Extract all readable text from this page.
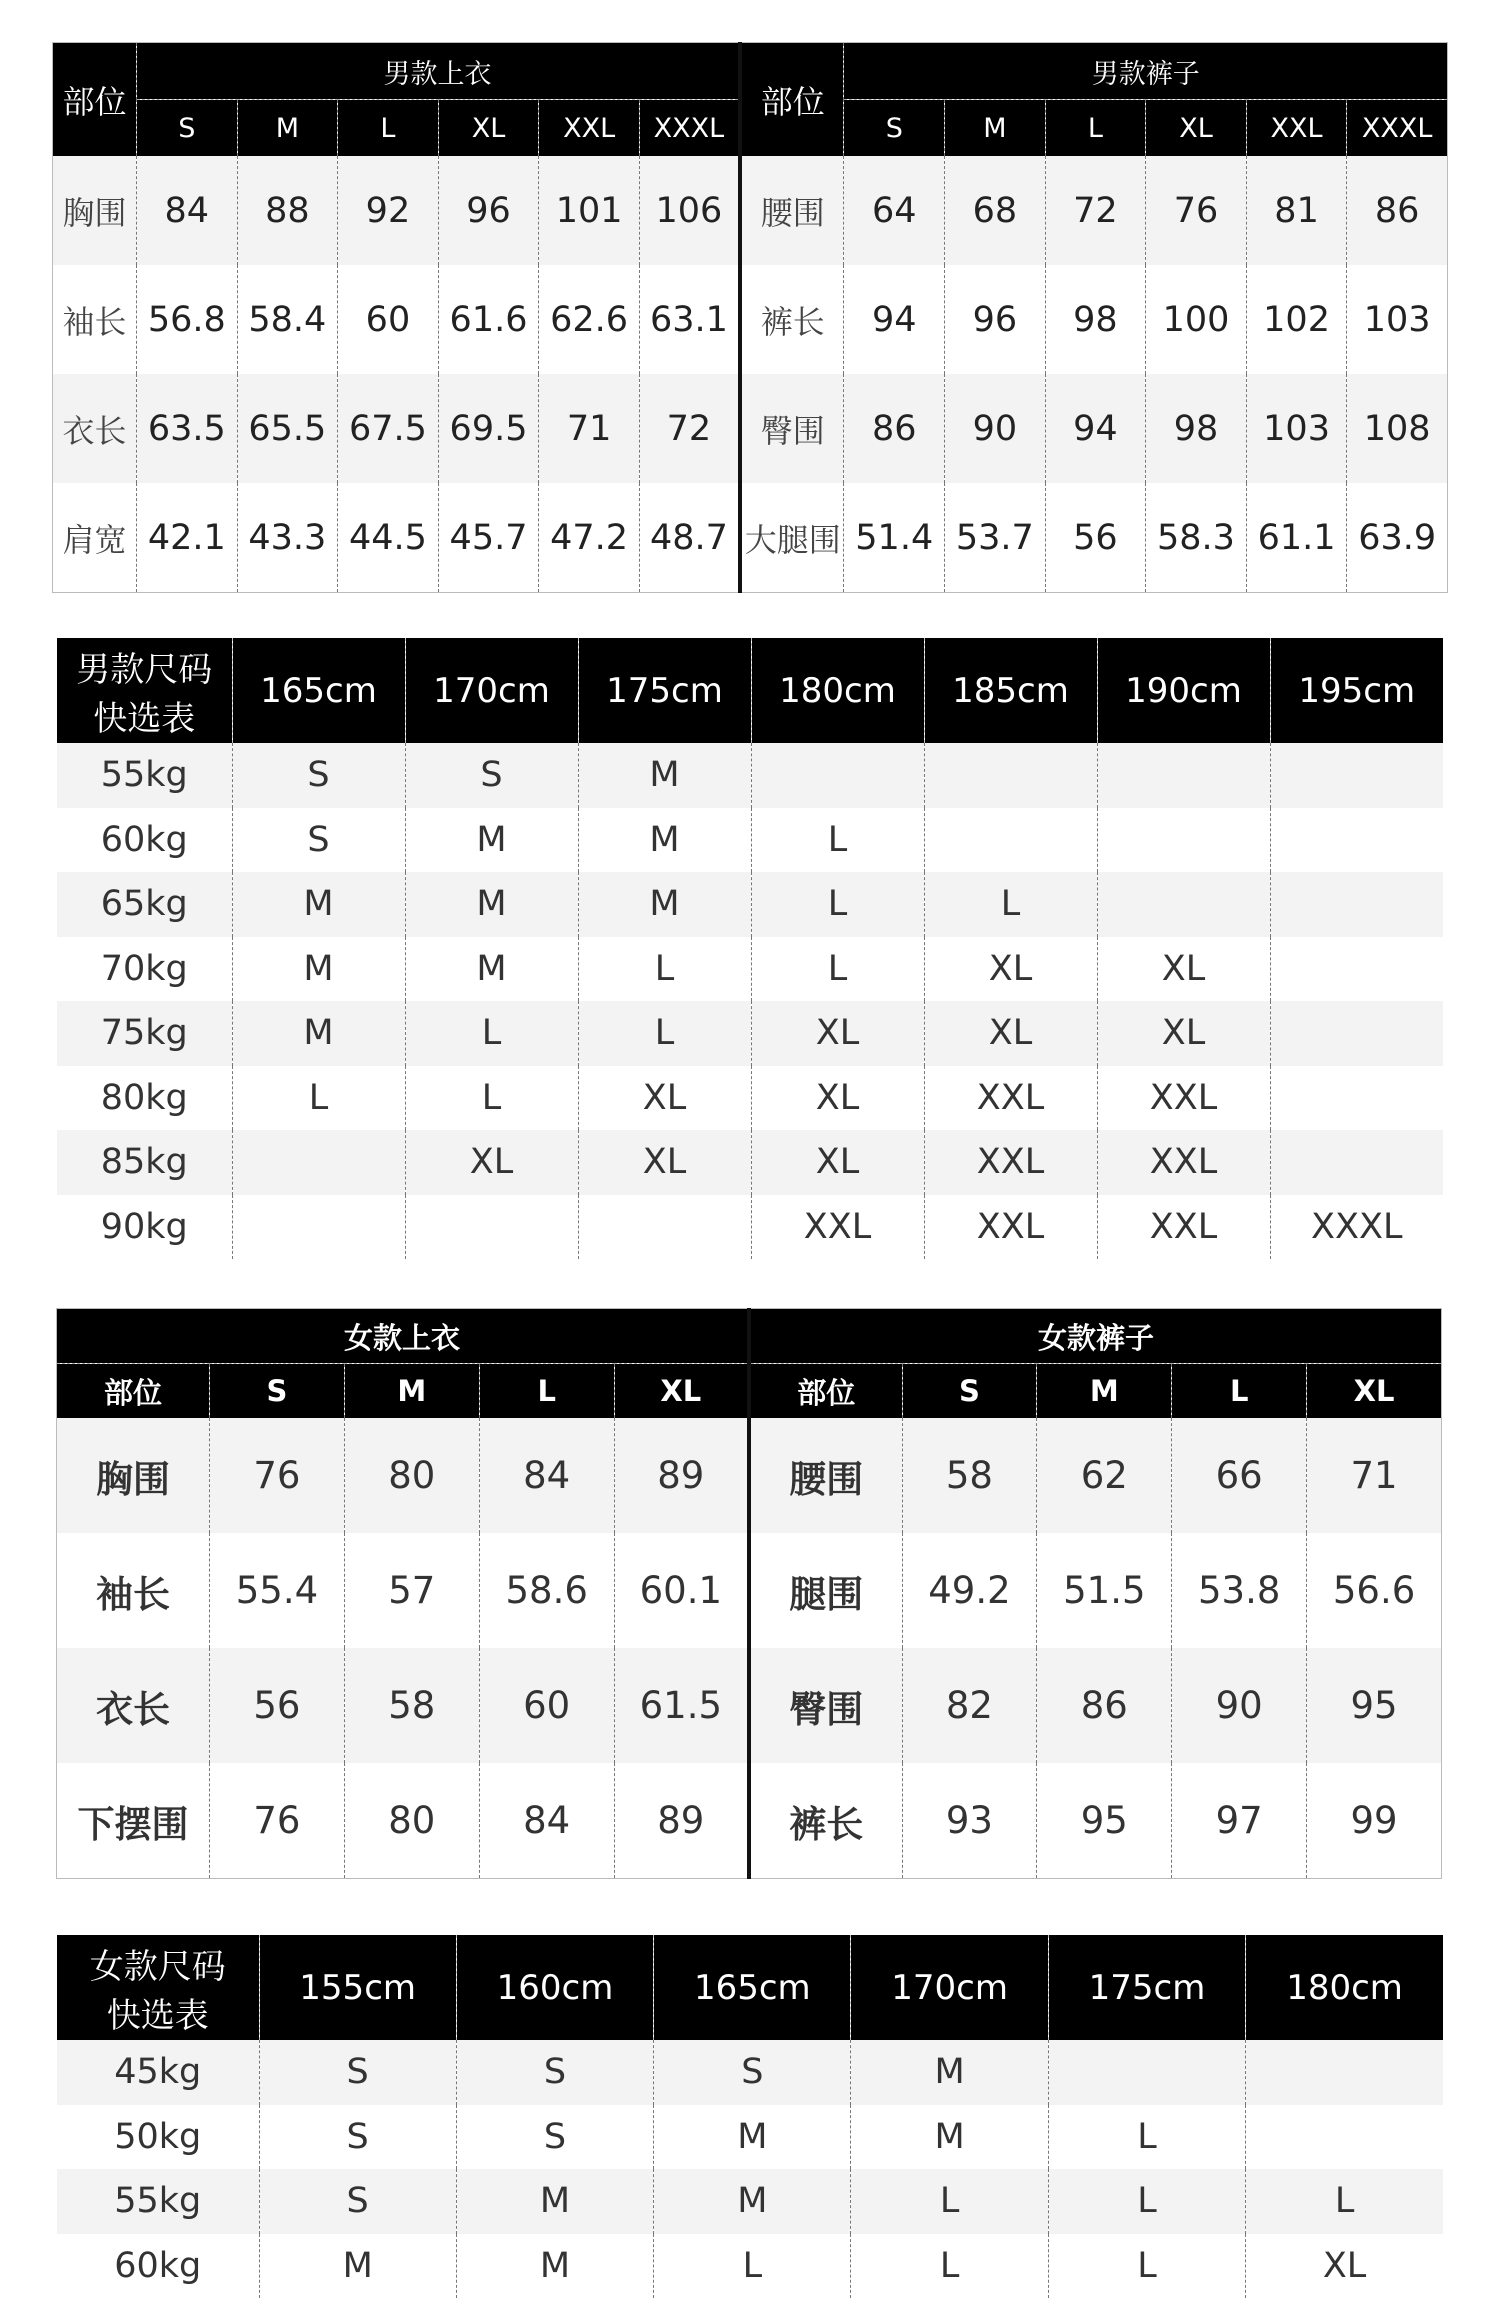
部位	男款上衣						部位	男款裤子					
	S	M	L	XL	XXL	XXXL		S	M	L	XL	XXL	XXXL
胸围	84	88	92	96	101	106	腰围	64	68	72	76	81	86
袖长	56.8	58.4	60	61.6	62.6	63.1	裤长	94	96	98	100	102	103
衣长	63.5	65.5	67.5	69.5	71	72	臀围	86	90	94	98	103	108
肩宽	42.1	43.3	44.5	45.7	47.2	48.7	大腿围	51.4	53.7	56	58.3	61.1	63.9
男款尺码
快选表	165cm	170cm	175cm	180cm	185cm	190cm	195cm
55kg	S	S	M				
60kg	S	M	M	L			
65kg	M	M	M	L	L		
70kg	M	M	L	L	XL	XL	
75kg	M	L	L	XL	XL	XL	
80kg	L	L	XL	XL	XXL	XXL	
85kg		XL	XL	XL	XXL	XXL	
90kg				XXL	XXL	XXL	XXXL
女款上衣					女款裤子				
部位	S	M	L	XL	部位	S	M	L	XL
胸围	76	80	84	89	腰围	58	62	66	71
袖长	55.4	57	58.6	60.1	腿围	49.2	51.5	53.8	56.6
衣长	56	58	60	61.5	臀围	82	86	90	95
下摆围	76	80	84	89	裤长	93	95	97	99
女款尺码
快选表	155cm	160cm	165cm	170cm	175cm	180cm
45kg	S	S	S	M		
50kg	S	S	M	M	L	
55kg	S	M	M	L	L	L
60kg	M	M	L	L	L	XL
